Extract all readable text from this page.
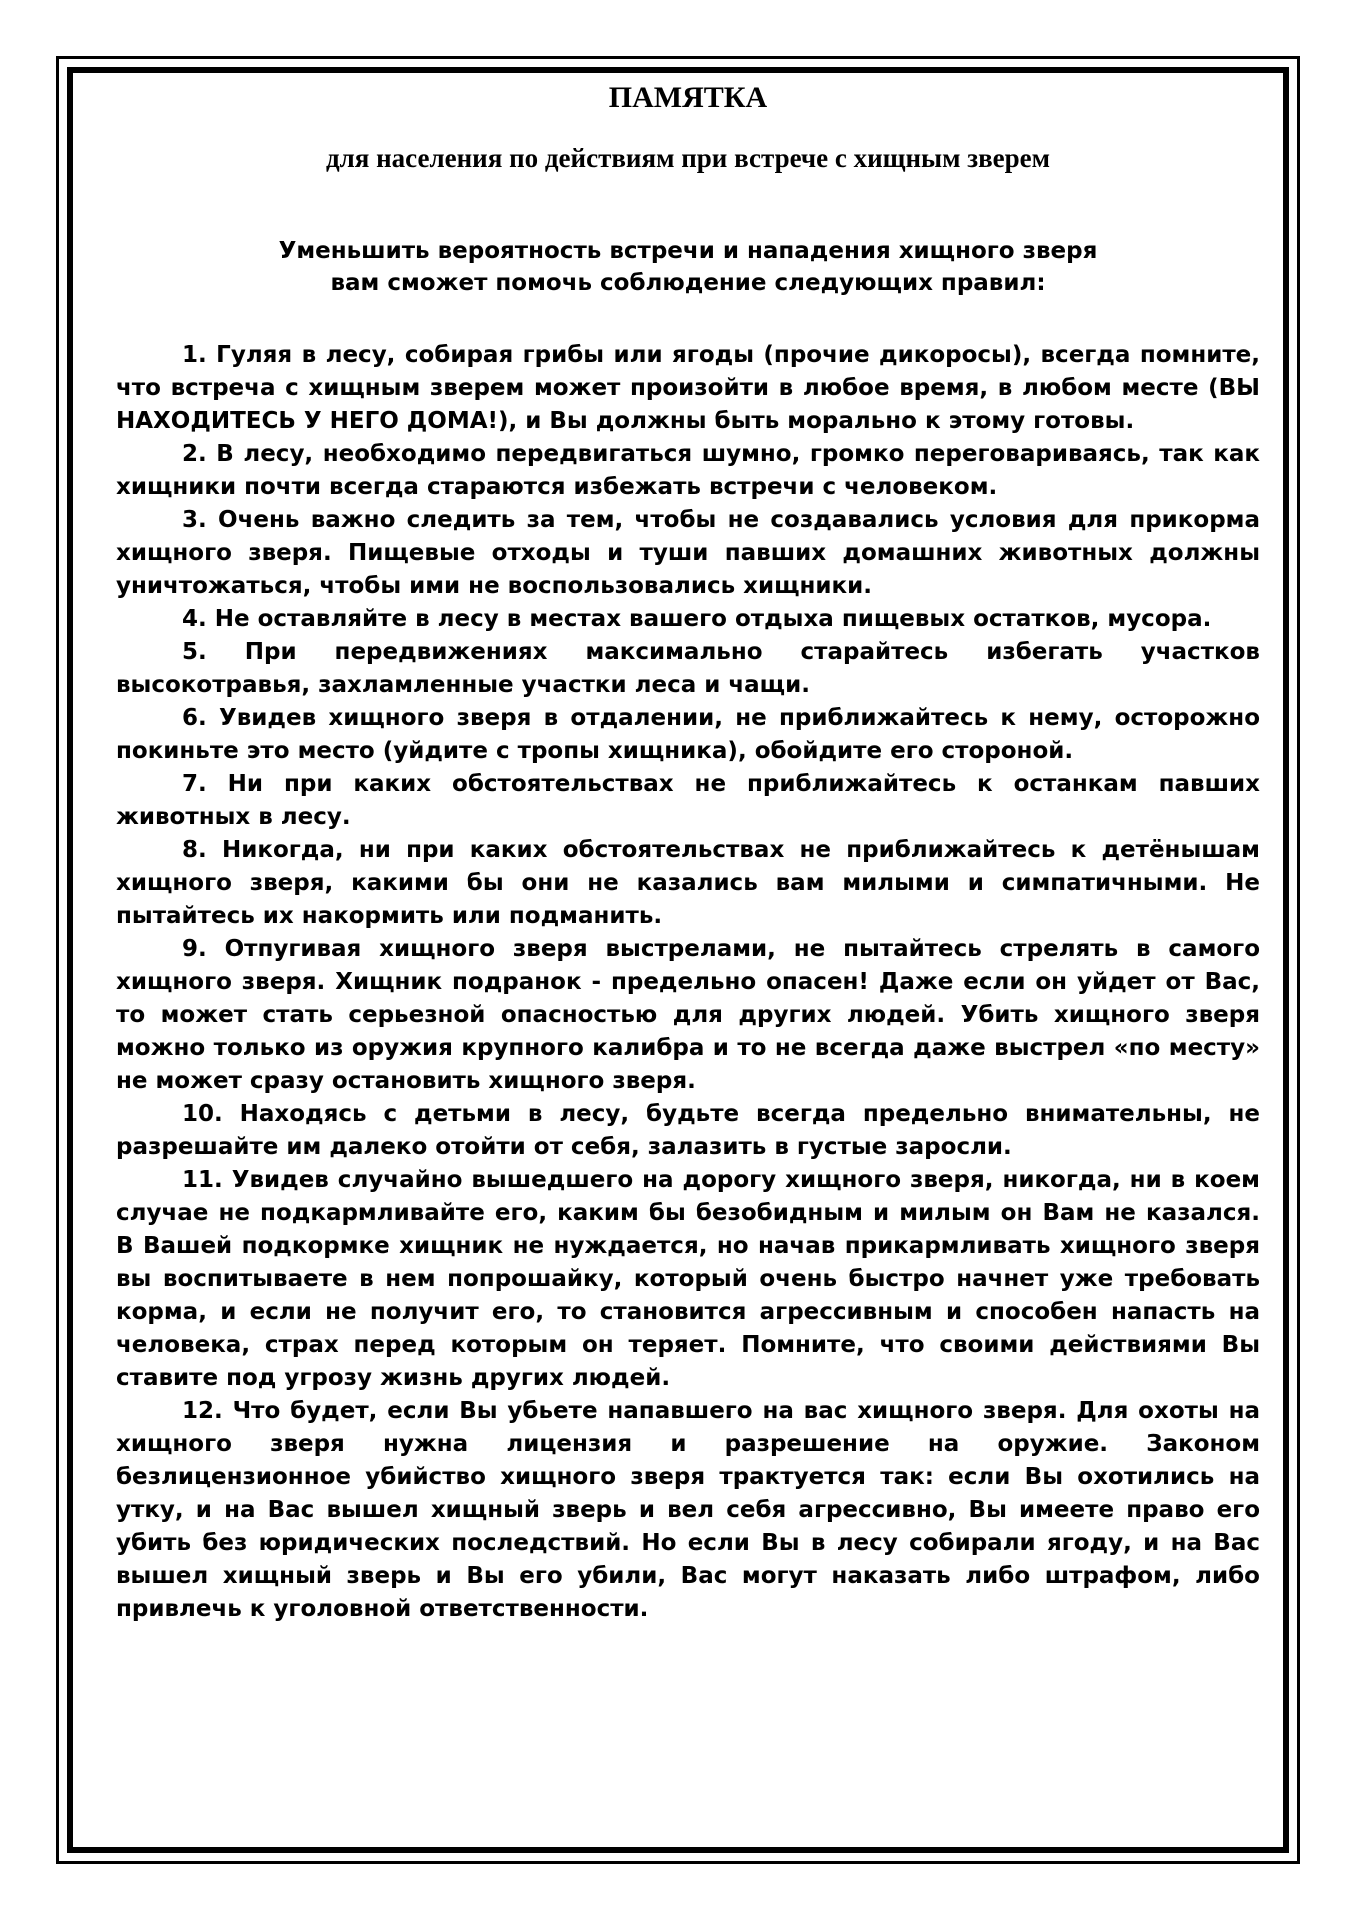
ПАМЯТКА
для населения по действиям при встрече с хищным зверем
Уменьшить вероятность встречи и нападения хищного зверя
вам сможет помочь соблюдение следующих правил:
1. Гуляя в лесу, собирая грибы или ягоды (прочие дикоросы), всегда помните, что встреча с хищным зверем может произойти в любое время, в любом месте (ВЫ НАХОДИТЕСЬ У НЕГО ДОМА!), и Вы должны быть морально к этому готовы.
2. В лесу, необходимо передвигаться шумно, громко переговариваясь, так как хищники почти всегда стараются избежать встречи с человеком.
3. Очень важно следить за тем, чтобы не создавались условия для прикорма хищного зверя. Пищевые отходы и туши павших домашних животных должны уничтожаться, чтобы ими не воспользовались хищники.
4. Не оставляйте в лесу в местах вашего отдыха пищевых остатков, мусора.
5. При передвижениях максимально старайтесь избегать участков высокотравья, захламленные участки леса и чащи.
6. Увидев хищного зверя в отдалении, не приближайтесь к нему, осторожно покиньте это место (уйдите с тропы хищника), обойдите его стороной.
7. Ни при каких обстоятельствах не приближайтесь к останкам павших животных в лесу.
8. Никогда, ни при каких обстоятельствах не приближайтесь к детёнышам хищного зверя, какими бы они не казались вам милыми и симпатичными. Не пытайтесь их накормить или подманить.
9. Отпугивая хищного зверя выстрелами, не пытайтесь стрелять в самого хищного зверя. Хищник подранок - предельно опасен! Даже если он уйдет от Вас, то может стать серьезной опасностью для других людей. Убить хищного зверя можно только из оружия крупного калибра и то не всегда даже выстрел «по месту» не может сразу остановить хищного зверя.
10. Находясь с детьми в лесу, будьте всегда предельно внимательны, не разрешайте им далеко отойти от себя, залазить в густые заросли.
11. Увидев случайно вышедшего на дорогу хищного зверя, никогда, ни в коем случае не подкармливайте его, каким бы безобидным и милым он Вам не казался. В Вашей подкормке хищник не нуждается, но начав прикармливать хищного зверя вы воспитываете в нем попрошайку, который очень быстро начнет уже требовать корма, и если не получит его, то становится агрессивным и способен напасть на человека, страх перед которым он теряет. Помните, что своими действиями Вы ставите под угрозу жизнь других людей.
12. Что будет, если Вы убьете напавшего на вас хищного зверя. Для охоты на хищного зверя нужна лицензия и разрешение на оружие. Законом безлицензионное убийство хищного зверя трактуется так: если Вы охотились на утку, и на Вас вышел хищный зверь и вел себя агрессивно, Вы имеете право его убить без юридических последствий. Но если Вы в лесу собирали ягоду, и на Вас вышел хищный зверь и Вы его убили, Вас могут наказать либо штрафом, либо привлечь к уголовной ответственности.
